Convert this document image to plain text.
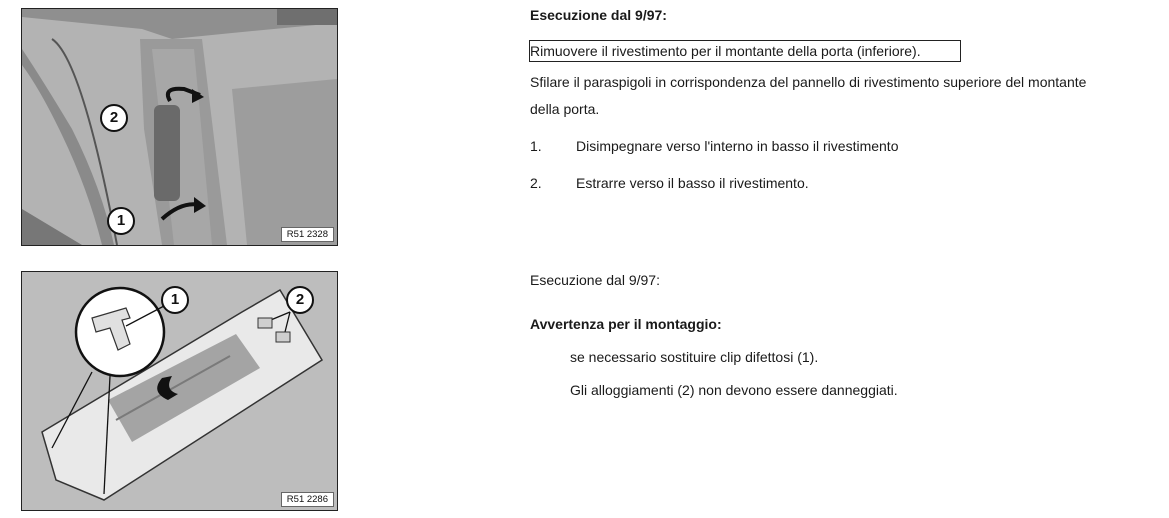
2
1
R51 2328
1	2
R51 2286
Esecuzione dal 9/97:
Rimuovere il rivestimento per il montante della porta (inferiore).
Sfilare il paraspigoli in corrispondenza del pannello di rivestimento superiore del montante
della porta.
1. Disimpegnare verso l'interno in basso il rivestimento
2. Estrarre verso il basso il rivestimento.
Esecuzione dal 9/97:
Avvertenza per il montaggio:
se necessario sostituire clip difettosi (1).
Gli alloggiamenti (2) non devono essere danneggiati.
